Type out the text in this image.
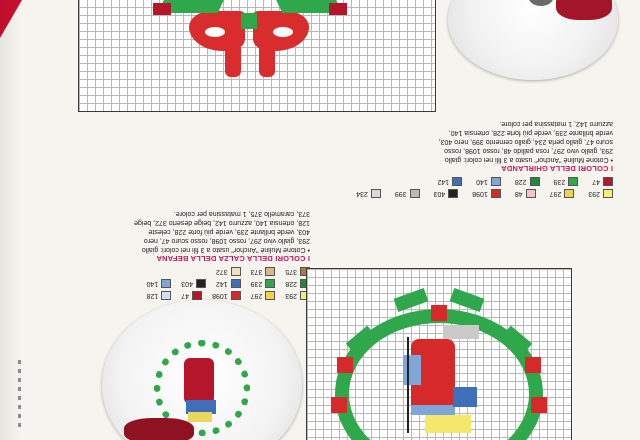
293
297
48
1098
403
399
234
47
239
228
140
142
I COLORI DELLA GHIRLANDA
• Cotone Mulinè "Anchor" usato a 3 fili nei colori: giallo
293, giallo vivo 297, rosa pallido 48, rosso 1098, rosso
scuro 47, giallo perla 234, giallo cemento 399, nero 403,
verde brillante 239, verde più forte 228, ortensia 140,
azzurro 142, 1 matassina per colore.
293
297
1098
47
128
228
239
142
403
140
375
373
372
I COLORI DELLA CALZA DELLA BEFANA
• Cotone Mulinè "Anchor" usato a 3 fili nei colori: giallo
293, giallo vivo 297, rosso 1098, rosso scuro 47, nero
403, verde brillante 239, verde più forte 228, celeste
128, ortensia 140, azzurro 142, beige deserto 372, beige
373, caramello 375, 1 matassina per colore.
